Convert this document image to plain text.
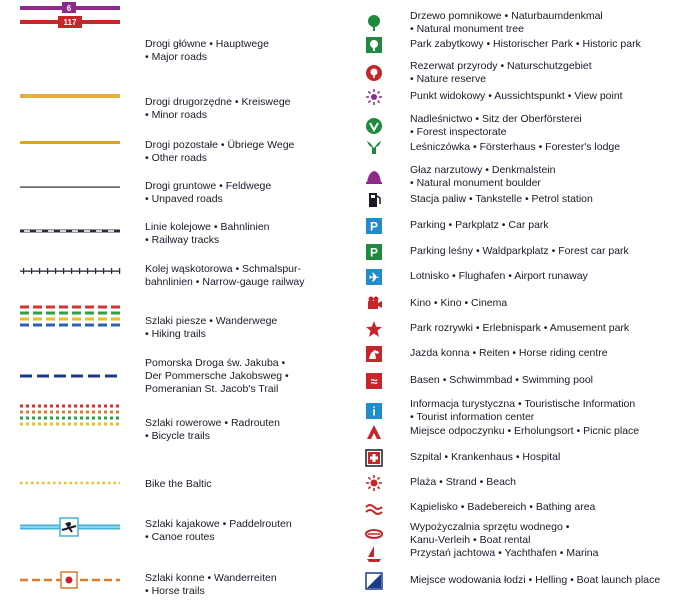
6
117
Drogi główne • Hauptwege
• Major roads
Drogi drugorzędne • Kreiswege
• Minor roads
Drogi pozostałe • Übriege Wege
• Other roads
Drogi gruntowe • Feldwege
• Unpaved roads
Linie kolejowe • Bahnlinien
• Railway tracks
Kolej wąskotorowa • Schmalspur-
bahnlinien • Narrow-gauge railway
Szlaki piesze • Wanderwege
• Hiking trails
Pomorska Droga św. Jakuba •
Der Pommersche Jakobsweg •
Pomeranian St. Jacob's Trail
Szlaki rowerowe • Radrouten
• Bicycle trails
Bike the Baltic
Szlaki kajakowe • Paddelrouten
• Canoe routes
Szlaki konne • Wanderreiten
• Horse trails
Drzewo pomnikowe • Naturbaumdenkmal
• Natural monument tree
Park zabytkowy • Historischer Park • Historic park
Rezerwat przyrody • Naturschutzgebiet
• Nature reserve
Punkt widokowy • Aussichtspunkt • View point
Nadleśnictwo • Sitz der Oberförsterei
• Forest inspectorate
Leśniczówka • Försterhaus • Forester's lodge
Głaz narzutowy • Denkmalstein
• Natural monument boulder
Stacja paliw • Tankstelle • Petrol station
P	Parking • Parkplatz • Car park
P	Parking leśny • Waldparkplatz • Forest car park
✈	Lotnisko • Flughafen • Airport runaway
Kino • Kino • Cinema
Park rozrywki • Erlebnispark • Amusement park
Jazda konna • Reiten • Horse riding centre
≈	Basen • Schwimmbad • Swimming pool
i
Informacja turystyczna • Touristische Information
• Tourist information center
Miejsce odpoczynku • Erholungsort • Picnic place
Szpital • Krankenhaus • Hospital
Plaża • Strand • Beach
Kąpielisko • Badebereich • Bathing area
Wypożyczalnia sprzętu wodnego •
Kanu-Verleih • Boat rental
Przystań jachtowa • Yachthafen • Marina
Miejsce wodowania łodzi • Helling • Boat launch place
